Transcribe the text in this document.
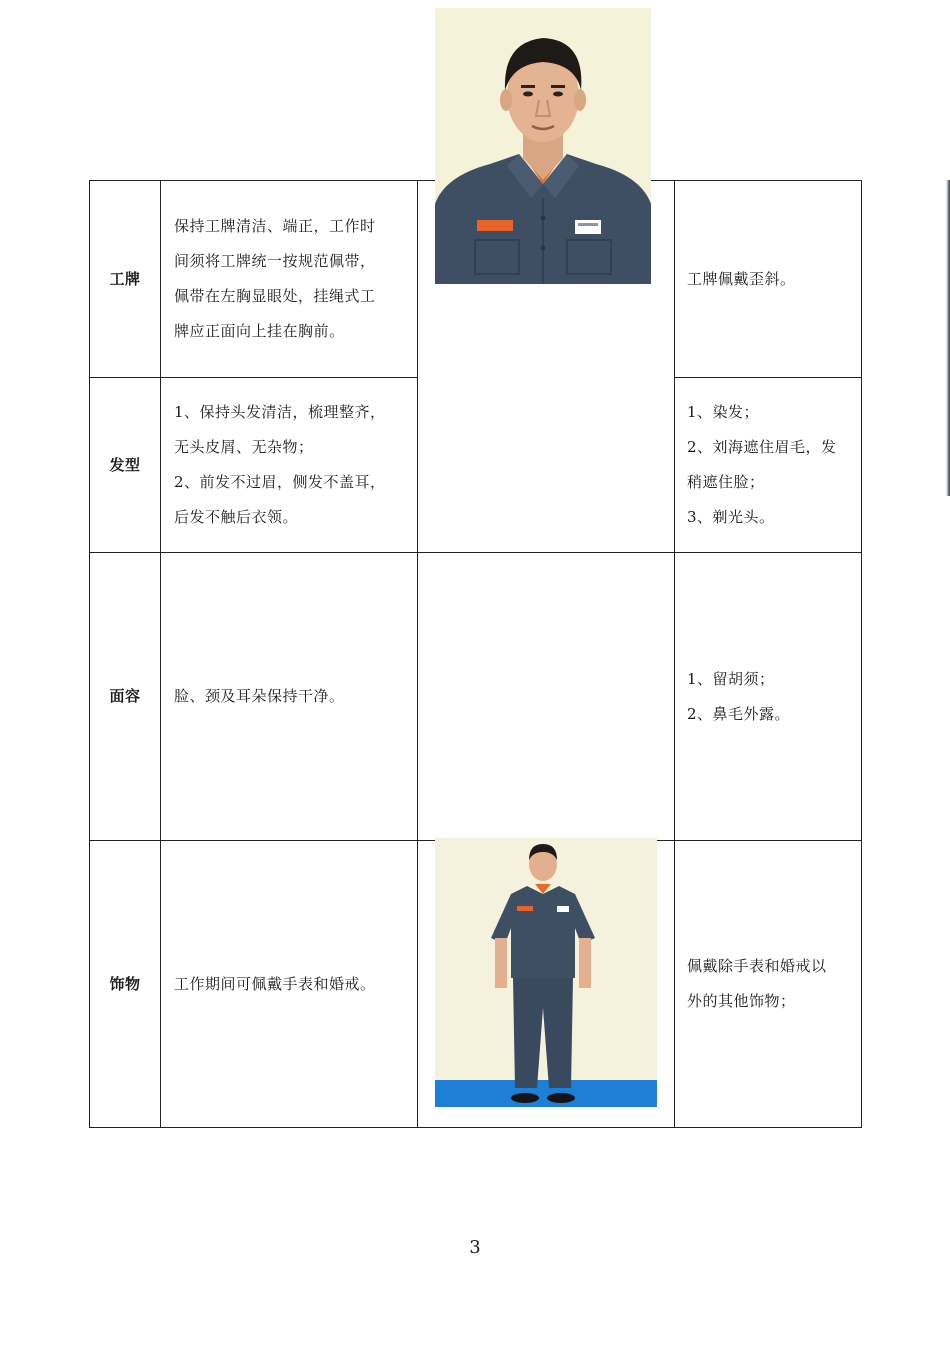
工牌	保持工牌清洁、端正，工作时
间须将工牌统一按规范佩带，
佩带在左胸显眼处，挂绳式工
牌应正面向上挂在胸前。		工牌佩戴歪斜。

发型	1、保持头发清洁，梳理整齐，
无头皮屑、无杂物；
2、前发不过眉，侧发不盖耳，
后发不触后衣领。		1、染发；
2、刘海遮住眉毛，发
稍遮住脸；
3、剃光头。

面容	脸、颈及耳朵保持干净。		1、留胡须；
2、鼻毛外露。

饰物	工作期间可佩戴手表和婚戒。		佩戴除手表和婚戒以
外的其他饰物；
3
